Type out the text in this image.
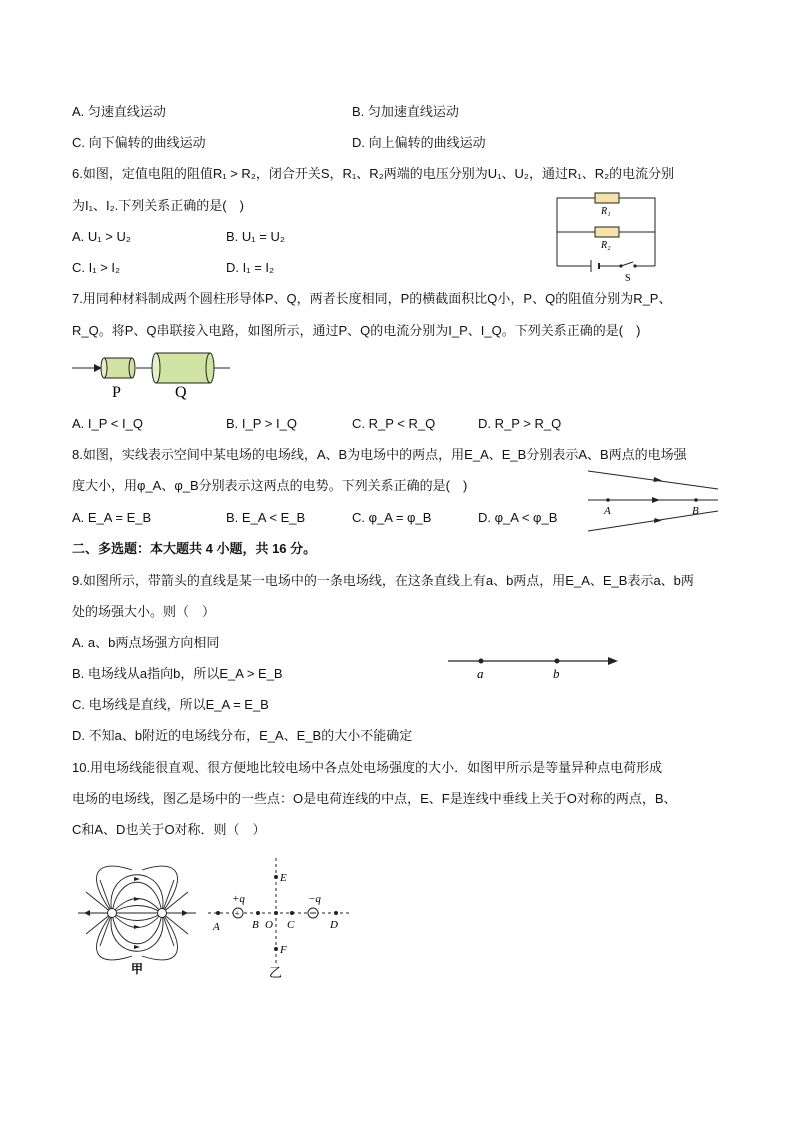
A. 匀速直线运动	B. 匀加速直线运动
C. 向下偏转的曲线运动	D. 向上偏转的曲线运动
6.如图，定值电阻的阻值R₁ > R₂，闭合开关S，R₁、R₂两端的电压分别为U₁、U₂，通过R₁、R₂的电流分别
为I₁、I₂.下列关系正确的是(　)
A. U₁ > U₂	B. U₁ = U₂
C. I₁ > I₂	D. I₁ = I₂
R₁
R₂
S
7.用同种材料制成两个圆柱形导体P、Q，两者长度相同，P的横截面积比Q小，P、Q的阻值分别为R_P、
R_Q。将P、Q串联接入电路，如图所示，通过P、Q的电流分别为I_P、I_Q。下列关系正确的是(　)
P	Q
A. I_P < I_Q	B. I_P > I_Q	C. R_P < R_Q	D. R_P > R_Q
8.如图，实线表示空间中某电场的电场线，A、B为电场中的两点，用E_A、E_B分别表示A、B两点的电场强
度大小，用φ_A、φ_B分别表示这两点的电势。下列关系正确的是(　)
A. E_A = E_B	B. E_A < E_B	C. φ_A = φ_B	D. φ_A < φ_B	A	B
二、多选题：本大题共 4 小题，共 16 分。
9.如图所示，带箭头的直线是某一电场中的一条电场线，在这条直线上有a、b两点，用E_A、E_B表示a、b两
处的场强大小。则（　）
A. a、b两点场强方向相同
B. 电场线从a指向b，所以E_A > E_B
C. 电场线是直线，所以E_A = E_B
D. 不知a、b附近的电场线分布，E_A、E_B的大小不能确定
a	b
10.用电场线能很直观、很方便地比较电场中各点处电场强度的大小．如图甲所示是等量异种点电荷形成
电场的电场线，图乙是场中的一些点：O是电荷连线的中点，E、F是连线中垂线上关于O对称的两点，B、
C和A、D也关于O对称．则（　）
甲
+
+q	−q
A	B O C	D
E
F
乙
